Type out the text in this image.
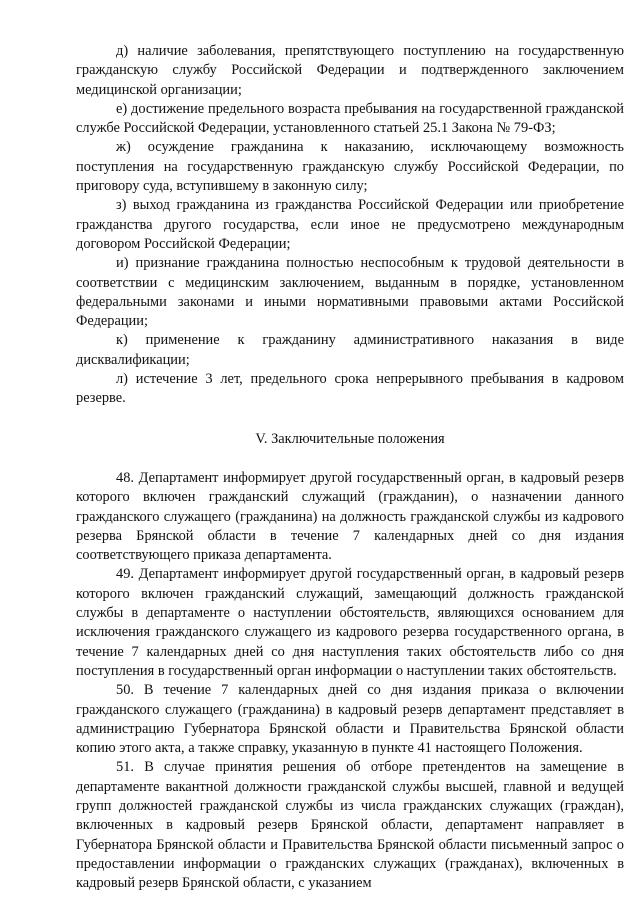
д) наличие заболевания, препятствующего поступлению на государственную гражданскую службу Российской Федерации и подтвержденного заключением медицинской организации;

е) достижение предельного возраста пребывания на государственной гражданской службе Российской Федерации, установленного статьей 25.1 Закона № 79-ФЗ;

ж) осуждение гражданина к наказанию, исключающему возможность поступления на государственную гражданскую службу Российской Федерации, по приговору суда, вступившему в законную силу;

з) выход гражданина из гражданства Российской Федерации или приобретение гражданства другого государства, если иное не предусмотрено международным договором Российской Федерации;

и) признание гражданина полностью неспособным к трудовой деятельности в соответствии с медицинским заключением, выданным в порядке, установленном федеральными законами и иными нормативными правовыми актами Российской Федерации;

к) применение к гражданину административного наказания в виде дисквалификации;

л) истечение 3 лет, предельного срока непрерывного пребывания в кадровом резерве.

V. Заключительные положения

48. Департамент информирует другой государственный орган, в кадровый резерв которого включен гражданский служащий (гражданин), о назначении данного гражданского служащего (гражданина) на должность гражданской службы из кадрового резерва Брянской области в течение 7 календарных дней со дня издания соответствующего приказа департамента.

49. Департамент информирует другой государственный орган, в кадровый резерв которого включен гражданский служащий, замещающий должность гражданской службы в департаменте о наступлении обстоятельств, являющихся основанием для исключения гражданского служащего из кадрового резерва государственного органа, в течение 7 календарных дней со дня наступления таких обстоятельств либо со дня поступления в государственный орган информации о наступлении таких обстоятельств.

50. В течение 7 календарных дней со дня издания приказа о включении гражданского служащего (гражданина) в кадровый резерв департамент представляет в администрацию Губернатора Брянской области и Правительства Брянской области копию этого акта, а также справку, указанную в пункте 41 настоящего Положения.

51. В случае принятия решения об отборе претендентов на замещение в департаменте вакантной должности гражданской службы высшей, главной и ведущей групп должностей гражданской службы из числа гражданских служащих (граждан), включенных в кадровый резерв Брянской области, департамент направляет в Губернатора Брянской области и Правительства Брянской области письменный запрос о предоставлении информации о гражданских служащих (гражданах), включенных в кадровый резерв Брянской области, с указанием
